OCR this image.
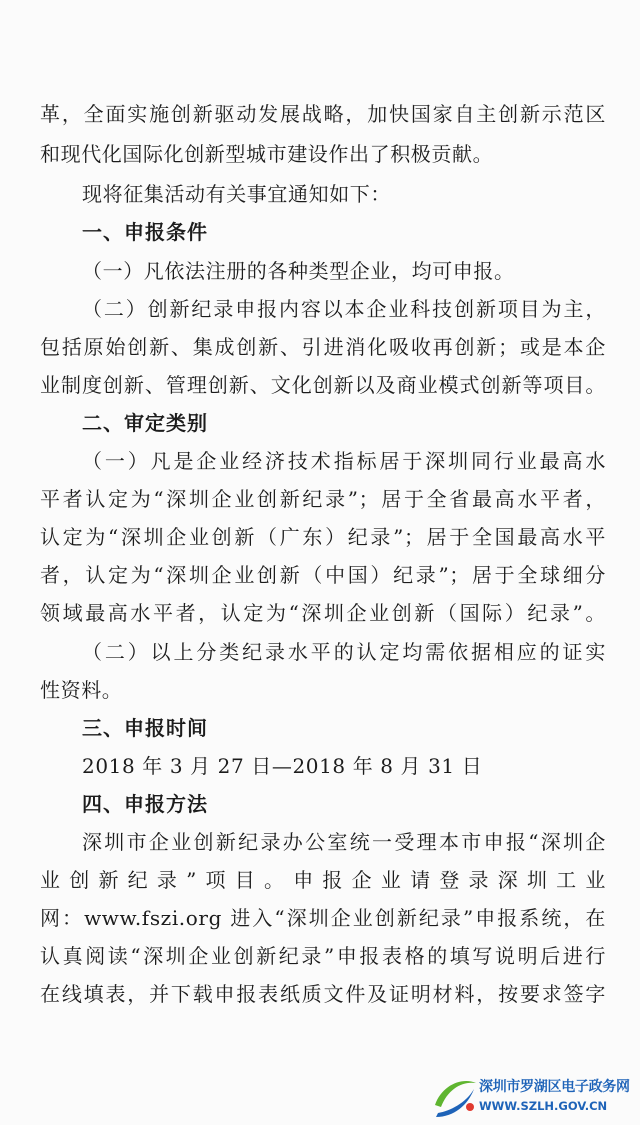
革，全面实施创新驱动发展战略，加快国家自主创新示范区
和现代化国际化创新型城市建设作出了积极贡献。
现将征集活动有关事宜通知如下：
一、申报条件
（一）凡依法注册的各种类型企业，均可申报。
（二）创新纪录申报内容以本企业科技创新项目为主，
包括原始创新、集成创新、引进消化吸收再创新；或是本企
业制度创新、管理创新、文化创新以及商业模式创新等项目。
二、审定类别
（一）凡是企业经济技术指标居于深圳同行业最高水
平者认定为“深圳企业创新纪录”；居于全省最高水平者，
认定为“深圳企业创新（广东）纪录”；居于全国最高水平
者，认定为“深圳企业创新（中国）纪录”；居于全球细分
领域最高水平者，认定为“深圳企业创新（国际）纪录”。
（二）以上分类纪录水平的认定均需依据相应的证实
性资料。
三、申报时间
2018 年 3 月 27 日—2018 年 8 月 31 日
四、申报方法
深圳市企业创新纪录办公室统一受理本市申报“深圳企
业创新纪录”项目。申报企业请登录深圳工业
网：www.fszi.org 进入“深圳企业创新纪录”申报系统，在
认真阅读“深圳企业创新纪录”申报表格的填写说明后进行
在线填表，并下载申报表纸质文件及证明材料，按要求签字
深圳市罗湖区电子政务网
WWW.SZLH.GOV.CN
